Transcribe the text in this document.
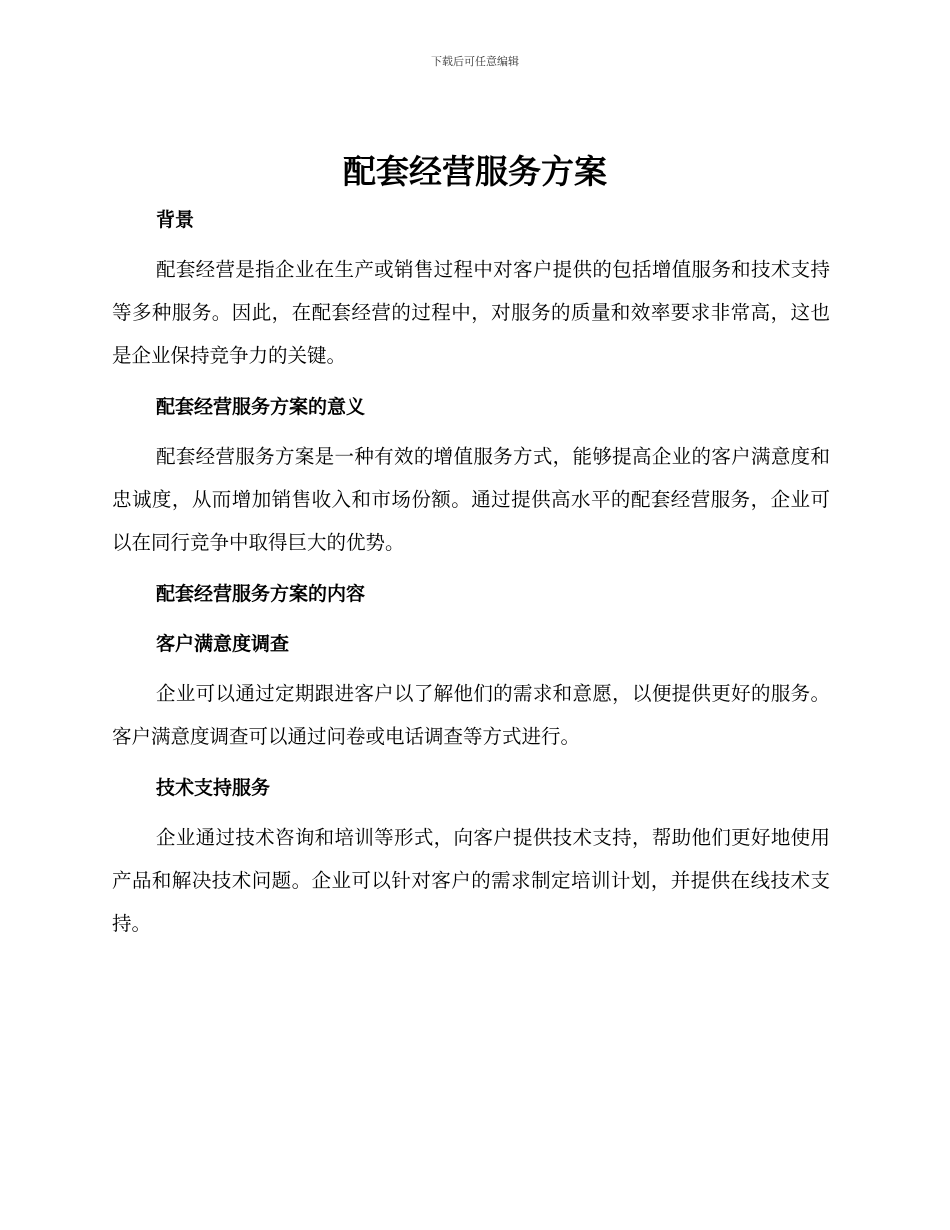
下载后可任意编辑
配套经营服务方案
背景

配套经营是指企业在生产或销售过程中对客户提供的包括增值服务和技术支持等多种服务。因此，在配套经营的过程中，对服务的质量和效率要求非常高，这也是企业保持竞争力的关键。

配套经营服务方案的意义

配套经营服务方案是一种有效的增值服务方式，能够提高企业的客户满意度和忠诚度，从而增加销售收入和市场份额。通过提供高水平的配套经营服务，企业可以在同行竞争中取得巨大的优势。

配套经营服务方案的内容
客户满意度调查

企业可以通过定期跟进客户以了解他们的需求和意愿，以便提供更好的服务。客户满意度调查可以通过问卷或电话调查等方式进行。

技术支持服务

企业通过技术咨询和培训等形式，向客户提供技术支持，帮助他们更好地使用产品和解决技术问题。企业可以针对客户的需求制定培训计划，并提供在线技术支持。
